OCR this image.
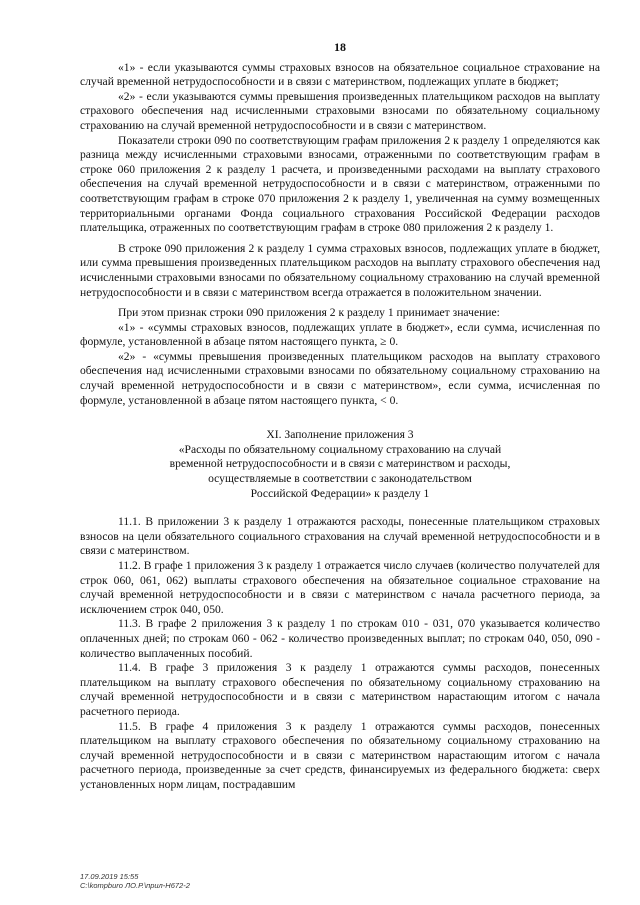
18

«1» - если указываются суммы страховых взносов на обязательное социальное страхование на случай временной нетрудоспособности и в связи с материнством, подлежащих уплате в бюджет;

«2» - если указываются суммы превышения произведенных плательщиком расходов на выплату страхового обеспечения над исчисленными страховыми взносами по обязательному социальному страхованию на случай временной нетрудоспособности и в связи с материнством.

Показатели строки 090 по соответствующим графам приложения 2 к разделу 1 определяются как разница между исчисленными страховыми взносами, отраженными по соответствующим графам в строке 060 приложения 2 к разделу 1 расчета, и произведенными расходами на выплату страхового обеспечения на случай временной нетрудоспособности и в связи с материнством, отраженными по соответствующим графам в строке 070 приложения 2 к разделу 1, увеличенная на сумму возмещенных территориальными органами Фонда социального страхования Российской Федерации расходов плательщика, отраженных по соответствующим графам в строке 080 приложения 2 к разделу 1.

В строке 090 приложения 2 к разделу 1 сумма страховых взносов, подлежащих уплате в бюджет, или сумма превышения произведенных плательщиком расходов на выплату страхового обеспечения над исчисленными страховыми взносами по обязательному социальному страхованию на случай временной нетрудоспособности и в связи с материнством всегда отражается в положительном значении.

При этом признак строки 090 приложения 2 к разделу 1 принимает значение:

«1» - «суммы страховых взносов, подлежащих уплате в бюджет», если сумма, исчисленная по формуле, установленной в абзаце пятом настоящего пункта, ≥ 0.

«2» - «суммы превышения произведенных плательщиком расходов на выплату страхового обеспечения над исчисленными страховыми взносами по обязательному социальному страхованию на случай временной нетрудоспособности и в связи с материнством», если сумма, исчисленная по формуле, установленной в абзаце пятом настоящего пункта, < 0.

XI. Заполнение приложения 3
«Расходы по обязательному социальному страхованию на случай
временной нетрудоспособности и в связи с материнством и расходы,
осуществляемые в соответствии с законодательством
Российской Федерации» к разделу 1

11.1. В приложении 3 к разделу 1 отражаются расходы, понесенные плательщиком страховых взносов на цели обязательного социального страхования на случай временной нетрудоспособности и в связи с материнством.

11.2. В графе 1 приложения 3 к разделу 1 отражается число случаев (количество получателей для строк 060, 061, 062) выплаты страхового обеспечения на обязательное социальное страхование на случай временной нетрудоспособности и в связи с материнством с начала расчетного периода, за исключением строк 040, 050.

11.3. В графе 2 приложения 3 к разделу 1 по строкам 010 - 031, 070 указывается количество оплаченных дней; по строкам 060 - 062 - количество произведенных выплат; по строкам 040, 050, 090 - количество выплаченных пособий.

11.4. В графе 3 приложения 3 к разделу 1 отражаются суммы расходов, понесенных плательщиком на выплату страхового обеспечения по обязательному социальному страхованию на случай временной нетрудоспособности и в связи с материнством нарастающим итогом с начала расчетного периода.

11.5. В графе 4 приложения 3 к разделу 1 отражаются суммы расходов, понесенных плательщиком на выплату страхового обеспечения по обязательному социальному страхованию на случай временной нетрудоспособности и в связи с материнством нарастающим итогом с начала расчетного периода, произведенные за счет средств, финансируемых из федерального бюджета: сверх установленных норм лицам, пострадавшим

17.09.2019 15:55
C:\kompburo ЛО.Р.\прил-Н672-2
